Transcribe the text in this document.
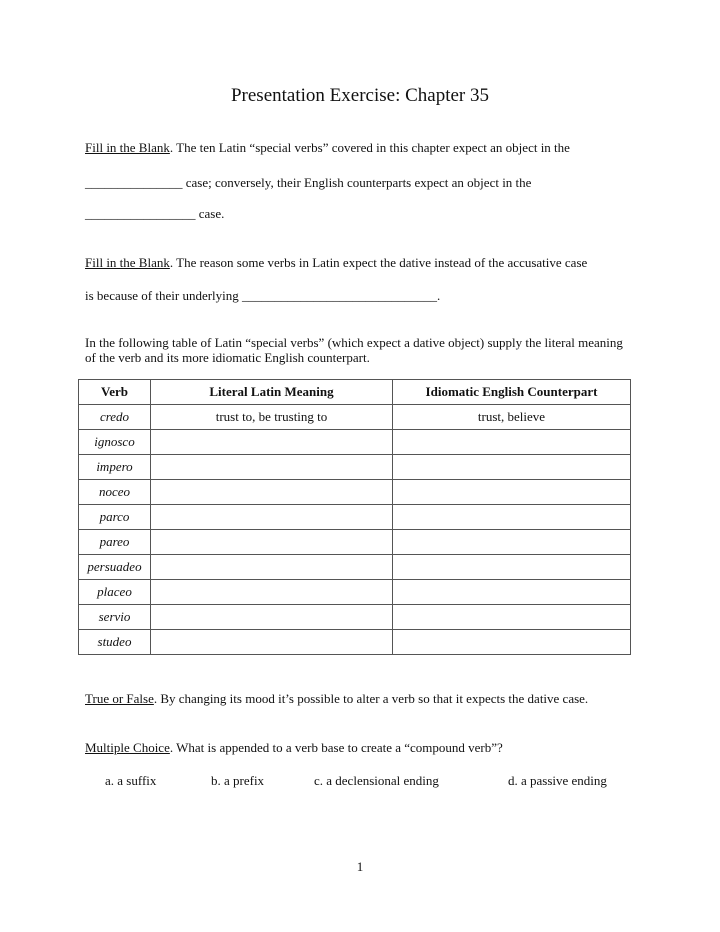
Presentation Exercise: Chapter 35
Fill in the Blank. The ten Latin “special verbs” covered in this chapter expect an object in the
_______________ case; conversely, their English counterparts expect an object in the
_________________ case.
Fill in the Blank. The reason some verbs in Latin expect the dative instead of the accusative case
is because of their underlying ______________________________.
In the following table of Latin “special verbs” (which expect a dative object) supply the literal meaning of the verb and its more idiomatic English counterpart.
Verb	Literal Latin Meaning	Idiomatic English Counterpart
credo	trust to, be trusting to	trust, believe
ignosco		
impero		
noceo		
parco		
pareo		
persuadeo		
placeo		
servio		
studeo		
True or False. By changing its mood it’s possible to alter a verb so that it expects the dative case.
Multiple Choice. What is appended to a verb base to create a “compound verb”?
a. a suffix	b. a prefix	c. a declensional ending	d. a passive ending
1
